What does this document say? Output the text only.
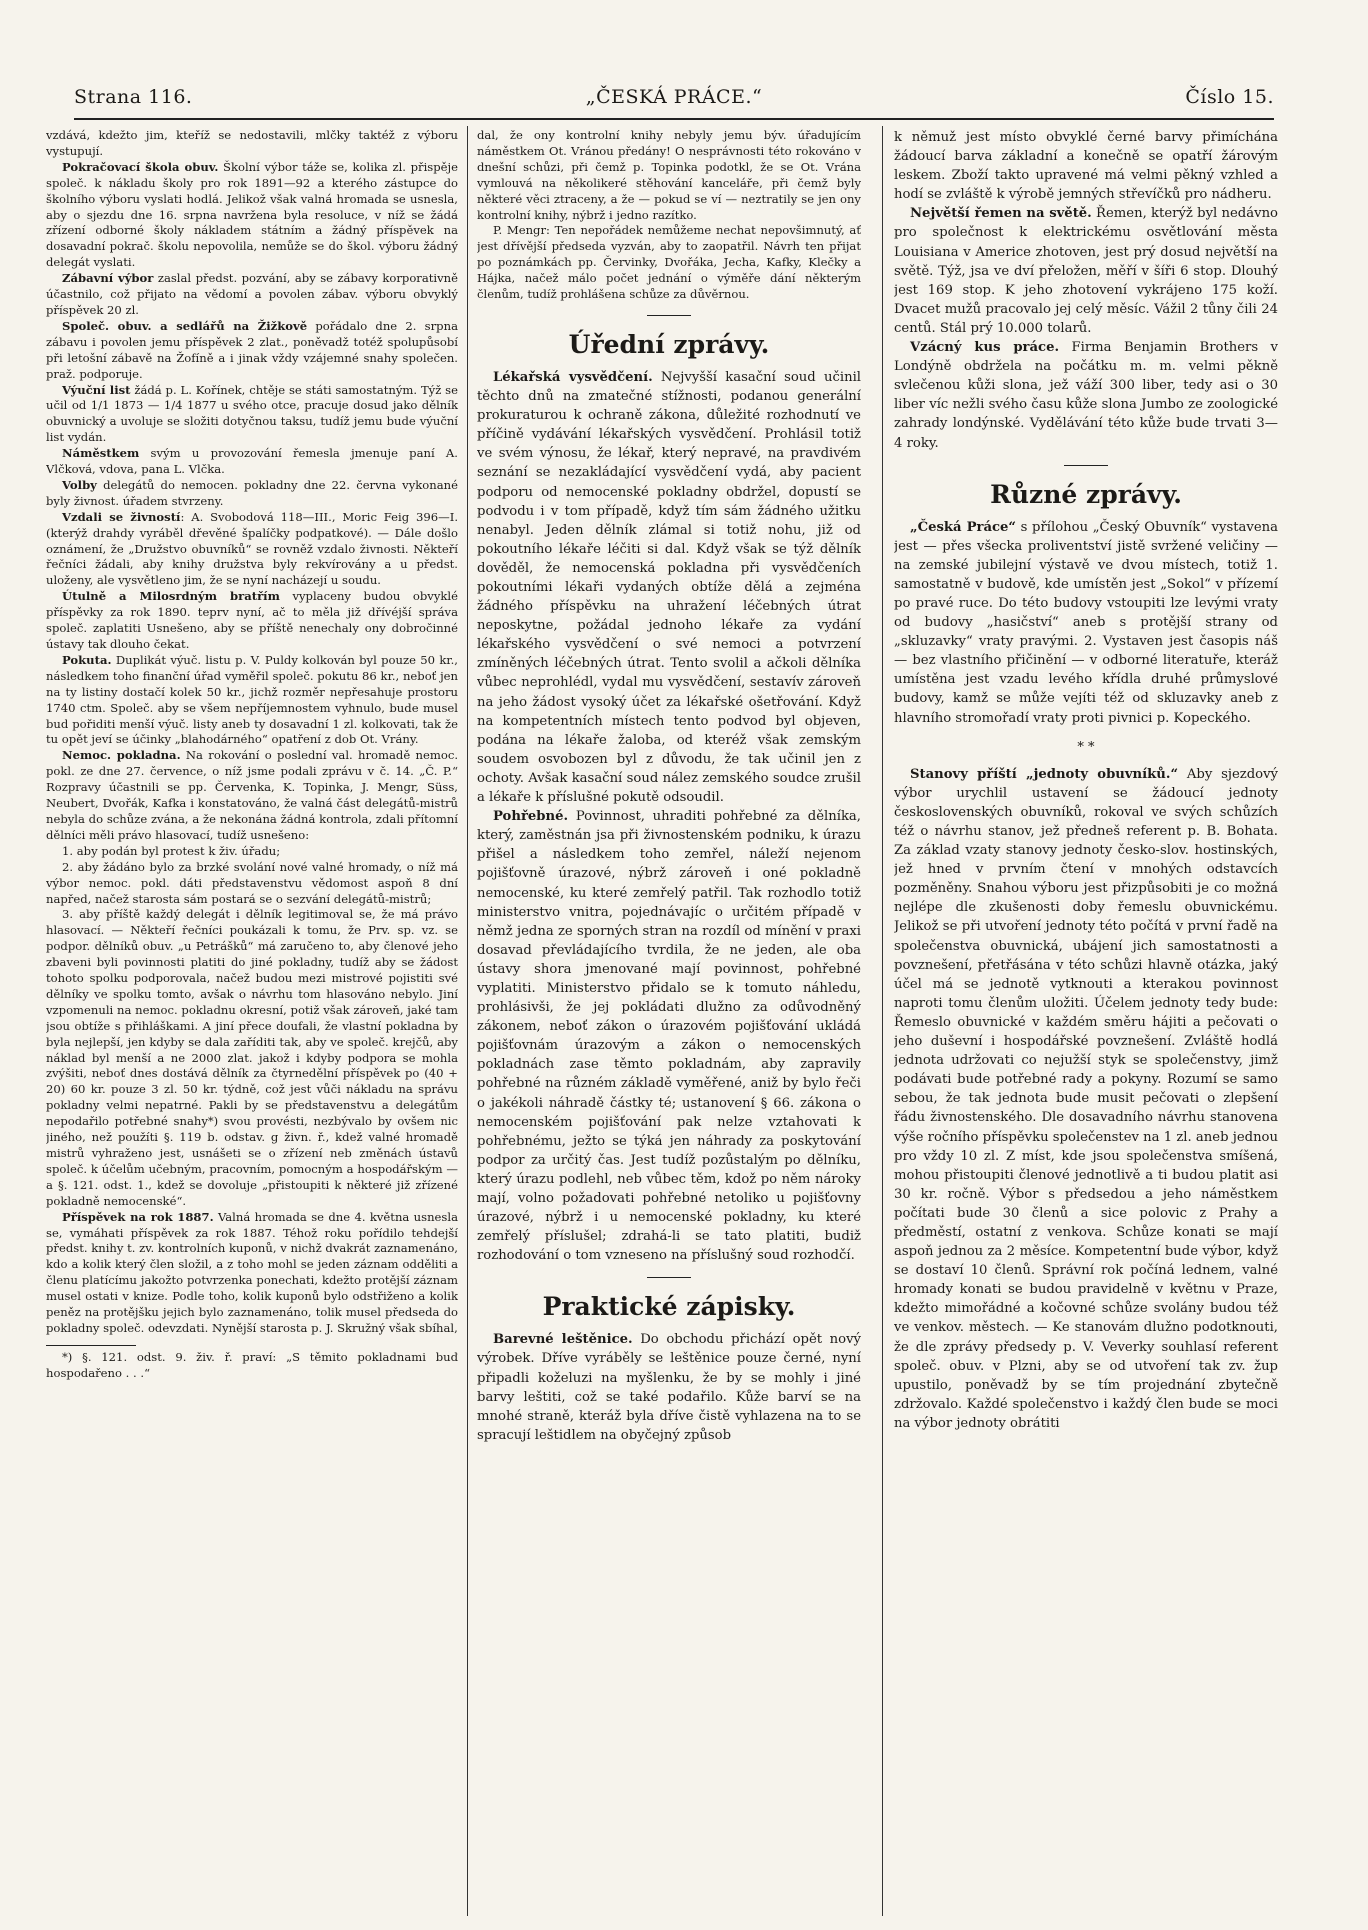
„ČESKÁ PRÁCE.“
Strana 116.	Číslo 15.

vzdává, kdežto jim, kteříž se nedostavili, mlčky taktéž z výboru vystupují.

Pokračovací škola obuv. Školní výbor táže se, kolika zl. přispěje společ. k nákladu školy pro rok 1891—92 a kterého zástupce do školního výboru vyslati hodlá. Jelikož však valná hromada se usnesla, aby o sjezdu dne 16. srpna navržena byla resoluce, v níž se žádá zřízení odborné školy nákladem státním a žádný příspěvek na dosavadní pokrač. školu nepovolila, nemůže se do škol. výboru žádný delegát vyslati.

Zábavní výbor zaslal předst. pozvání, aby se zábavy korporativně účastnilo, což přijato na vědomí a povolen zábav. výboru obvyklý příspěvek 20 zl.

Společ. obuv. a sedlářů na Žižkově pořádalo dne 2. srpna zábavu i povolen jemu příspěvek 2 zlat., poněvadž totéž spolupůsobí při letošní zábavě na Žofíně a i jinak vždy vzájemné snahy společen. praž. podporuje.

Výuční list žádá p. L. Kořínek, chtěje se státi samostatným. Týž se učil od 1/1 1873 — 1/4 1877 u svého otce, pracuje dosud jako dělník obuvnický a uvoluje se složiti dotyčnou taksu, tudíž jemu bude výuční list vydán.

Náměstkem svým u provozování řemesla jmenuje paní A. Vlčková, vdova, pana L. Vlčka.

Volby delegátů do nemocen. pokladny dne 22. června vykonané byly živnost. úřadem stvrzeny.

Vzdali se živností: A. Svobodová 118—III., Moric Feig 396—I. (kterýž drahdy vyráběl dřevěné špalíčky podpatkové). — Dále došlo oznámení, že „Družstvo obuvníků“ se rovněž vzdalo živnosti. Někteří řečníci žádali, aby knihy družstva byly rekvírovány a u předst. uloženy, ale vysvětleno jim, že se nyní nacházejí u soudu.

Útulně a Milosrdným bratřím vyplaceny budou obvyklé příspěvky za rok 1890. teprv nyní, ač to měla již dřívéjší správa společ. zaplatiti Usnešeno, aby se příště nenechaly ony dobročinné ústavy tak dlouho čekat.

Pokuta. Duplikát výuč. listu p. V. Puldy kolkován byl pouze 50 kr., následkem toho finanční úřad vyměřil společ. pokutu 86 kr., neboť jen na ty listiny dostačí kolek 50 kr., jichž rozměr nepřesahuje prostoru 1740 ctm. Společ. aby se všem nepříjemnostem vyhnulo, bude musel bud pořiditi menší výuč. listy aneb ty dosavadní 1 zl. kolkovati, tak že tu opět jeví se účinky „blahodárného“ opatření z dob Ot. Vrány.

Nemoc. pokladna. Na rokování o poslední val. hromadě nemoc. pokl. ze dne 27. července, o níž jsme podali zprávu v č. 14. „Č. P.“ Rozpravy účastnili se pp. Červenka, K. Topinka, J. Mengr, Süss, Neubert, Dvořák, Kafka i konstatováno, že valná část delegátů-mistrů nebyla do schůze zvána, a že nekonána žádná kontrola, zdali přítomní dělníci měli právo hlasovací, tudíž usnešeno:

1. aby podán byl protest k živ. úřadu;

2. aby žádáno bylo za brzké svolání nové valné hromady, o níž má výbor nemoc. pokl. dáti představenstvu vědomost aspoň 8 dní napřed, načež starosta sám postará se o sezvání delegátů-mistrů;

3. aby příště každý delegát i dělník legitimoval se, že má právo hlasovací. — Někteří řečníci poukázali k tomu, že Prv. sp. vz. se podpor. dělníků obuv. „u Petrášků“ má zaručeno to, aby členové jeho zbaveni byli povinnosti platiti do jiné pokladny, tudíž aby se žádost tohoto spolku podporovala, načež budou mezi mistrové pojistiti své dělníky ve spolku tomto, avšak o návrhu tom hlasováno nebylo. Jiní vzpomenuli na nemoc. pokladnu okresní, potiž však zároveň, jaké tam jsou obtíže s přihláškami. A jiní přece doufali, že vlastní pokladna by byla nejlepší, jen kdyby se dala zaříditi tak, aby ve společ. krejčů, aby náklad byl menší a ne 2000 zlat. jakož i kdyby podpora se mohla zvýšiti, neboť dnes dostává dělník za čtyrnedělní příspěvek po (40 + 20) 60 kr. pouze 3 zl. 50 kr. týdně, což jest vůči nákladu na správu pokladny velmi nepatrné. Pakli by se představenstvu a delegátům nepodařilo potřebné snahy*) svou provésti, nezbývalo by ovšem nic jiného, než použíti §. 119 b. odstav. g živn. ř., kdež valné hromadě mistrů vyhraženo jest, usnášeti se o zřízení neb změnách ústavů společ. k účelům učebným, pracovním, pomocným a hospodářským — a §. 121. odst. 1., kdež se dovoluje „přistoupiti k některé již zřízené pokladně nemocenské“.

Příspěvek na rok 1887. Valná hromada se dne 4. května usnesla se, vymáhati příspěvek za rok 1887. Téhož roku pořídilo tehdejší předst. knihy t. zv. kontrolních kuponů, v nichž dvakrát zaznamenáno, kdo a kolik který člen složil, a z toho mohl se jeden záznam odděliti a členu platícímu jakožto potvrzenka ponechati, kdežto protější záznam musel ostati v knize. Podle toho, kolik kuponů bylo odstřiženo a kolik peněz na protějšku jejich bylo zaznamenáno, tolik musel předseda do pokladny společ. odevzdati. Nynější starosta p. J. Skružný však sbíhal,

*) §. 121. odst. 9. živ. ř. praví: „S těmito pokladnami buď hospodařeno . . .“

dal, že ony kontrolní knihy nebyly jemu býv. úřadujícím náměstkem Ot. Vránou předány! O nesprávnosti této rokováno v dnešní schůzi, při čemž p. Topinka podotkl, že se Ot. Vrána vymlouvá na několikeré stěhování kanceláře, při čemž byly některé věci ztraceny, a že — pokud se ví — neztratily se jen ony kontrolní knihy, nýbrž i jedno razítko.

P. Mengr: Ten nepořádek nemůžeme nechat nepovšimnutý, ať jest dřívější předseda vyzván, aby to zaopatřil. Návrh ten přijat po poznámkách pp. Červinky, Dvořáka, Jecha, Kafky, Klečky a Hájka, načež málo počet jednání o výměře dání některým členům, tudíž prohlášena schůze za důvěrnou.

Úřední zprávy.

Lékařská vysvědčení. Nejvyšší kasační soud učinil těchto dnů na zmatečné stížnosti, podanou generální prokuraturou k ochraně zákona, důležité rozhodnutí ve příčině vydávání lékařských vysvědčení. Prohlásil totiž ve svém výnosu, že lékař, který nepravé, na pravdivém seznání se nezakládající vysvědčení vydá, aby pacient podporu od nemocenské pokladny obdržel, dopustí se podvodu i v tom případě, když tím sám žádného užitku nenabyl. Jeden dělník zlámal si totiž nohu, již od pokoutního lékaře léčiti si dal. Když však se týž dělník dověděl, že nemocenská pokladna při vysvědčeních pokoutními lékaři vydaných obtíže dělá a zejména žádného příspěvku na uhražení léčebných útrat neposkytne, požádal jednoho lékaře za vydání lékařského vysvědčení o své nemoci a potvrzení zmíněných léčebných útrat. Tento svolil a ačkoli dělníka vůbec neprohlédl, vydal mu vysvědčení, sestavív zároveň na jeho žádost vysoký účet za lékařské ošetřování. Když na kompetentních místech tento podvod byl objeven, podána na lékaře žaloba, od kteréž však zemským soudem osvobozen byl z důvodu, že tak učinil jen z ochoty. Avšak kasační soud nález zemského soudce zrušil a lékaře k příslušné pokutě odsoudil.

Pohřebné. Povinnost, uhraditi pohřebné za dělníka, který, zaměstnán jsa při živnostenském podniku, k úrazu přišel a následkem toho zemřel, náleží nejenom pojišťovně úrazové, nýbrž zároveň i oné pokladně nemocenské, ku které zemřelý patřil. Tak rozhodlo totiž ministerstvo vnitra, pojednávajíc o určitém případě v němž jedna ze sporných stran na rozdíl od mínění v praxi dosavad převládajícího tvrdila, že ne jeden, ale oba ústavy shora jmenované mají povinnost, pohřebné vyplatiti. Ministerstvo přidalo se k tomuto náhledu, prohlásivši, že jej pokládati dlužno za odůvodněný zákonem, neboť zákon o úrazovém pojišťování ukládá pojišťovnám úrazovým a zákon o nemocenských pokladnách zase těmto pokladnám, aby zapravily pohřebné na různém základě vyměřené, aniž by bylo řeči o jakékoli náhradě částky té; ustanovení § 66. zákona o nemocenském pojišťování pak nelze vztahovati k pohřebnému, ježto se týká jen náhrady za poskytování podpor za určitý čas. Jest tudíž pozůstalým po dělníku, který úrazu podlehl, neb vůbec těm, kdož po něm nároky mají, volno požadovati pohřebné netoliko u pojišťovny úrazové, nýbrž i u nemocenské pokladny, ku které zemřelý příslušel; zdrahá-li se tato platiti, budiž rozhodování o tom vzneseno na příslušný soud rozhodčí.

Praktické zápisky.

Barevné leštěnice. Do obchodu přichází opět nový výrobek. Dříve vyráběly se leštěnice pouze černé, nyní připadli koželuzi na myšlenku, že by se mohly i jiné barvy leštiti, což se také podařilo. Kůže barví se na mnohé straně, kteráž byla dříve čistě vyhlazena na to se spracují leštidlem na obyčejný způsob

k němuž jest místo obvyklé černé barvy přimíchána žádoucí barva základní a konečně se opatří žárovým leskem. Zboží takto upravené má velmi pěkný vzhled a hodí se zvláště k výrobě jemných střevíčků pro nádheru.

Největší řemen na světě. Řemen, kterýž byl nedávno pro společnost k elektrickému osvětlování města Louisiana v Americe zhotoven, jest prý dosud největší na světě. Týž, jsa ve dví přeložen, měří v šíři 6 stop. Dlouhý jest 169 stop. K jeho zhotovení vykrájeno 175 koží. Dvacet mužů pracovalo jej celý měsíc. Vážil 2 tůny čili 24 centů. Stál prý 10.000 tolarů.

Vzácný kus práce. Firma Benjamin Brothers v Londýně obdržela na počátku m. m. velmi pěkně svlečenou kůži slona, jež váží 300 liber, tedy asi o 30 liber víc nežli svého času kůže slona Jumbo ze zoologické zahrady londýnské. Vydělávání této kůže bude trvati 3—4 roky.

Různé zprávy.

„Česká Práce“ s přílohou „Český Obuvník“ vystavena jest — přes všecka proliventství jistě svržené veličiny — na zemské jubilejní výstavě ve dvou místech, totiž 1. samostatně v budově, kde umístěn jest „Sokol“ v přízemí po pravé ruce. Do této budovy vstoupiti lze levými vraty od budovy „hasičství“ aneb s protější strany od „skluzavky“ vraty pravými. 2. Vystaven jest časopis náš — bez vlastního přičinění — v odborné literatuře, kteráž umístěna jest vzadu levého křídla druhé průmyslové budovy, kamž se může vejíti též od skluzavky aneb z hlavního stromořadí vraty proti pivnici p. Kopeckého.

* *

Stanovy příští „jednoty obuvníků.“ Aby sjezdový výbor urychlil ustavení se žádoucí jednoty československých obuvníků, rokoval ve svých schůzích též o návrhu stanov, jež předneš referent p. B. Bohata. Za základ vzaty stanovy jednoty česko-slov. hostinských, jež hned v prvním čtení v mnohých odstavcích pozměněny. Snahou výboru jest přizpůsobiti je co možná nejlépe dle zkušenosti doby řemeslu obuvnickému. Jelikož se při utvoření jednoty této počítá v první řadě na společenstva obuvnická, ubájení jich samostatnosti a povznešení, přetřásána v této schůzi hlavně otázka, jaký účel má se jednotě vytknouti a kterakou povinnost naproti tomu členům uložiti. Účelem jednoty tedy bude: Řemeslo obuvnické v každém směru hájiti a pečovati o jeho duševní i hospodářské povznešení. Zvláště hodlá jednota udržovati co nejužší styk se společenstvy, jimž podávati bude potřebné rady a pokyny. Rozumí se samo sebou, že tak jednota bude musit pečovati o zlepšení řádu živnostenského. Dle dosavadního návrhu stanovena výše ročního příspěvku společenstev na 1 zl. aneb jednou pro vždy 10 zl. Z míst, kde jsou společenstva smíšená, mohou přistoupiti členové jednotlivě a ti budou platit asi 30 kr. ročně. Výbor s předsedou a jeho náměstkem počítati bude 30 členů a sice polovic z Prahy a předměstí, ostatní z venkova. Schůze konati se mají aspoň jednou za 2 měsíce. Kompetentní bude výbor, když se dostaví 10 členů. Správní rok počíná lednem, valné hromady konati se budou pravidelně v květnu v Praze, kdežto mimořádné a kočovné schůze svolány budou též ve venkov. městech. — Ke stanovám dlužno podotknouti, že dle zprávy předsedy p. V. Veverky souhlasí referent společ. obuv. v Plzni, aby se od utvoření tak zv. žup upustilo, poněvadž by se tím projednání zbytečně zdržovalo. Každé společenstvo i každý člen bude se moci na výbor jednoty obrátiti
